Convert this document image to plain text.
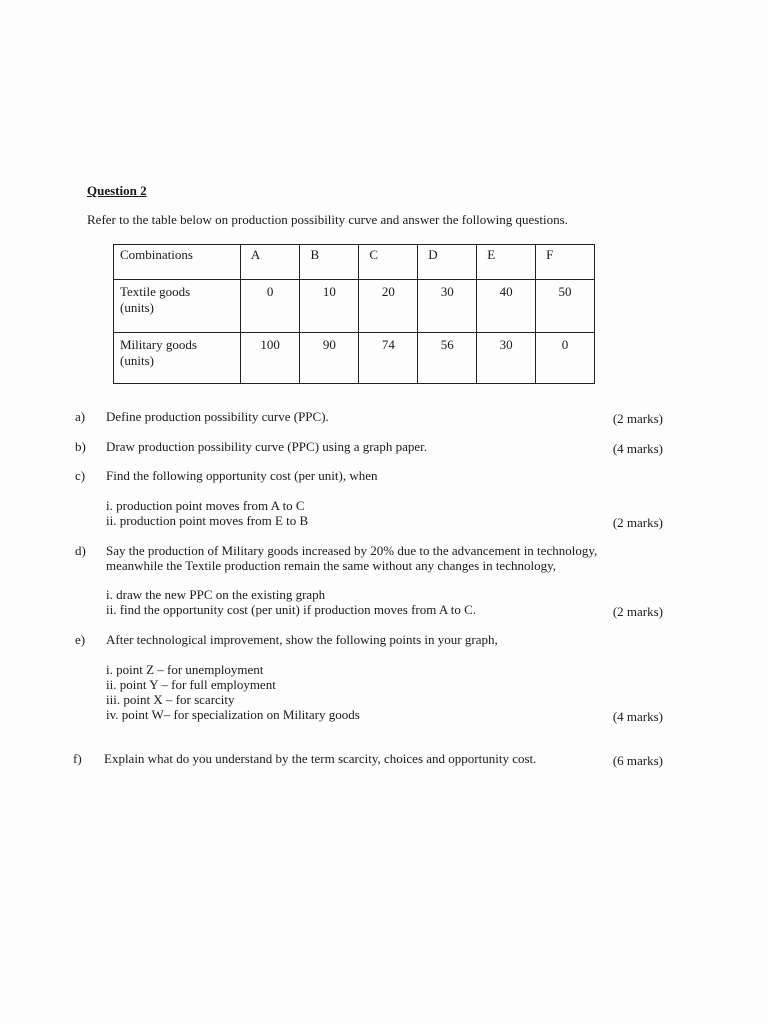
Question 2
Refer to the table below on production possibility curve and answer the following questions.
Combinations	A	B	C	D	E	F

Textile goods
(units)	0	10	20	30	40	50

Military goods
(units)	100	90	74	56	30	0
a) Define production possibility curve (PPC).	(2 marks)
b) Draw production possibility curve (PPC) using a graph paper.	(4 marks)
c) Find the following opportunity cost (per unit), when
i. production point moves from A to C
ii. production point moves from E to B	(2 marks)
d) Say the production of Military goods increased by 20% due to the advancement in technology,
meanwhile the Textile production remain the same without any changes in technology,
i. draw the new PPC on the existing graph
ii. find the opportunity cost (per unit) if production moves from A to C.	(2 marks)
e) After technological improvement, show the following points in your graph,
i. point Z – for unemployment
ii. point Y – for full employment
iii. point X – for scarcity
iv. point W– for specialization on Military goods	(4 marks)
f) Explain what do you understand by the term scarcity, choices and opportunity cost.	(6 marks)
